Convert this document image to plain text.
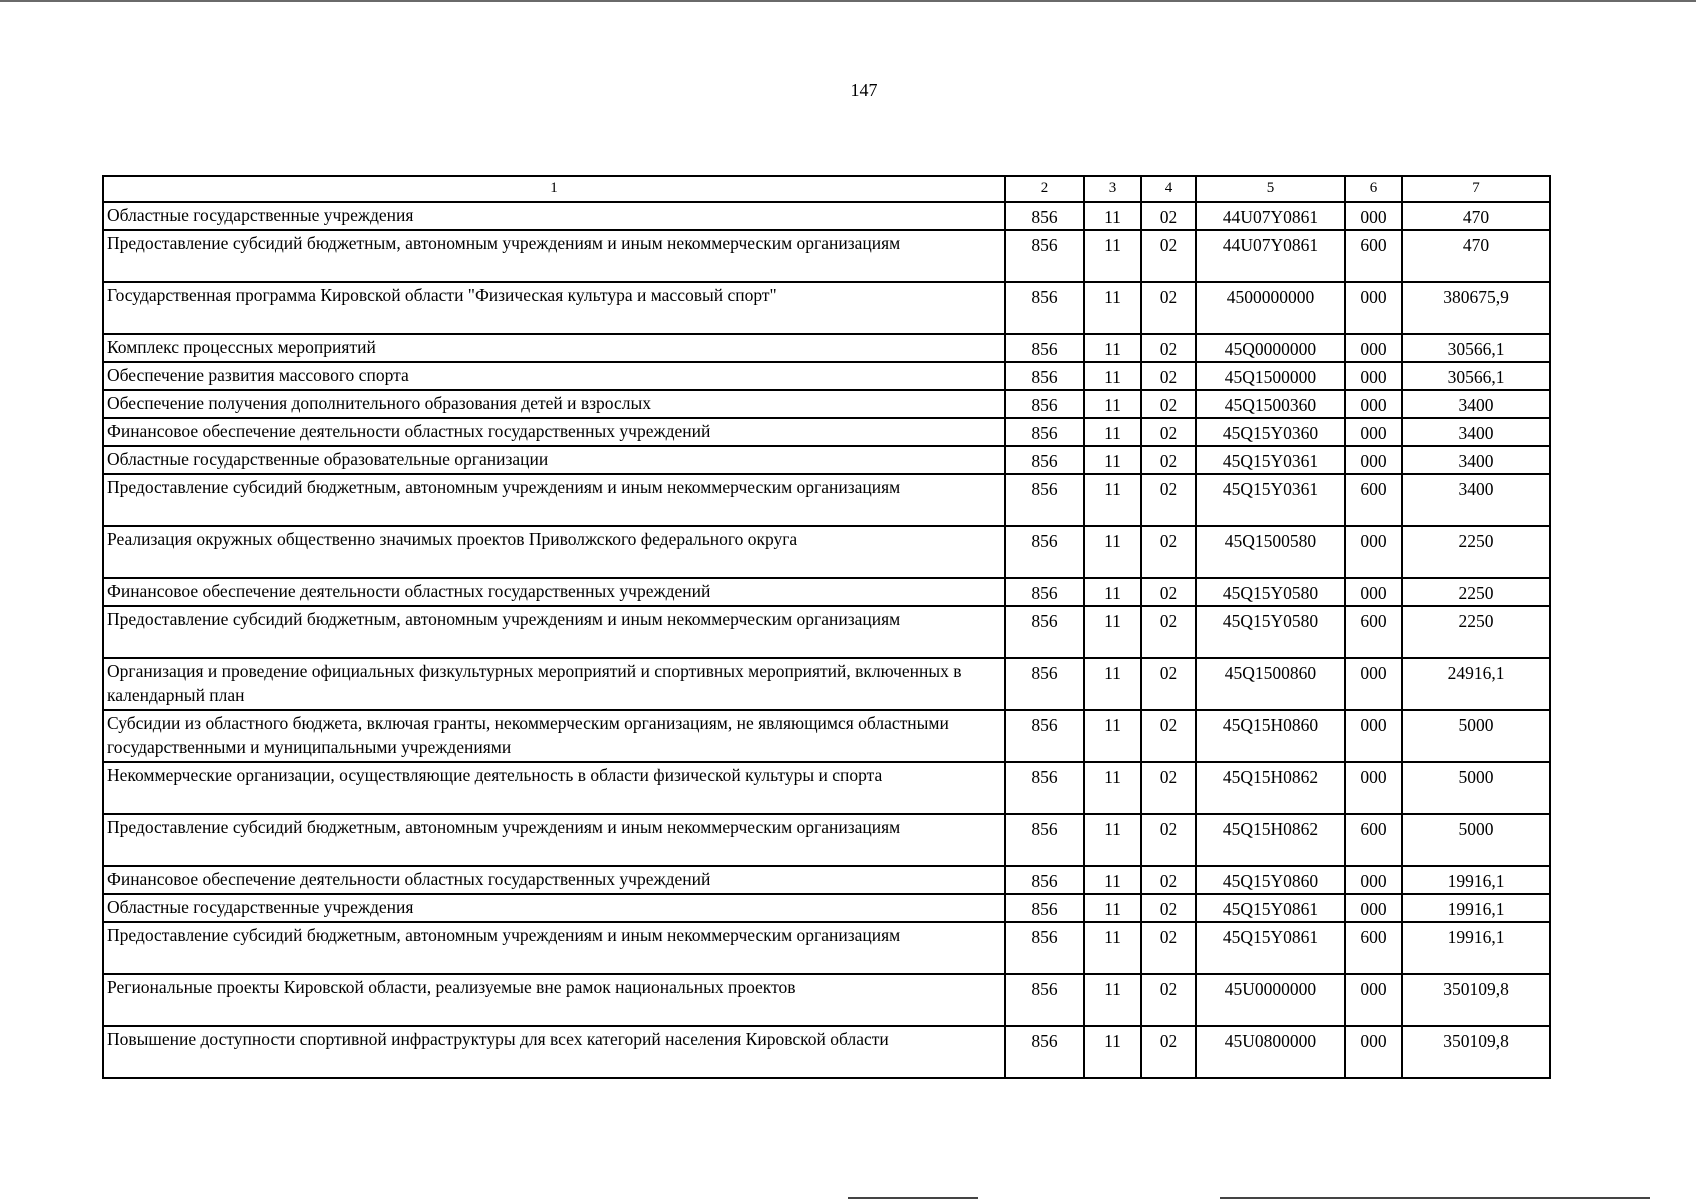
147
1	2	3	4	5	6	7
Областные государственные учреждения	856	11	02	44U07Y0861	000	470
Предоставление субсидий бюджетным, автономным учреждениям и иным некоммерческим организациям	856	11	02	44U07Y0861	600	470
Государственная программа Кировской области "Физическая культура и массовый спорт"	856	11	02	4500000000	000	380675,9
Комплекс процессных мероприятий	856	11	02	45Q0000000	000	30566,1
Обеспечение развития массового спорта	856	11	02	45Q1500000	000	30566,1
Обеспечение получения дополнительного образования детей и взрослых	856	11	02	45Q1500360	000	3400
Финансовое обеспечение деятельности областных государственных учреждений	856	11	02	45Q15Y0360	000	3400
Областные государственные образовательные организации	856	11	02	45Q15Y0361	000	3400
Предоставление субсидий бюджетным, автономным учреждениям и иным некоммерческим организациям	856	11	02	45Q15Y0361	600	3400
Реализация окружных общественно значимых проектов Приволжского федерального округа	856	11	02	45Q1500580	000	2250
Финансовое обеспечение деятельности областных государственных учреждений	856	11	02	45Q15Y0580	000	2250
Предоставление субсидий бюджетным, автономным учреждениям и иным некоммерческим организациям	856	11	02	45Q15Y0580	600	2250
Организация и проведение официальных физкультурных мероприятий и спортивных мероприятий, включенных в календарный план	856	11	02	45Q1500860	000	24916,1
Субсидии из областного бюджета, включая гранты, некоммерческим организациям, не являющимся областными государственными и муниципальными учреждениями	856	11	02	45Q15H0860	000	5000
Некоммерческие организации, осуществляющие деятельность в области физической культуры и спорта	856	11	02	45Q15H0862	000	5000
Предоставление субсидий бюджетным, автономным учреждениям и иным некоммерческим организациям	856	11	02	45Q15H0862	600	5000
Финансовое обеспечение деятельности областных государственных учреждений	856	11	02	45Q15Y0860	000	19916,1
Областные государственные учреждения	856	11	02	45Q15Y0861	000	19916,1
Предоставление субсидий бюджетным, автономным учреждениям и иным некоммерческим организациям	856	11	02	45Q15Y0861	600	19916,1
Региональные проекты Кировской области, реализуемые вне рамок национальных проектов	856	11	02	45U0000000	000	350109,8
Повышение доступности спортивной инфраструктуры для всех категорий населения Кировской области	856	11	02	45U0800000	000	350109,8
